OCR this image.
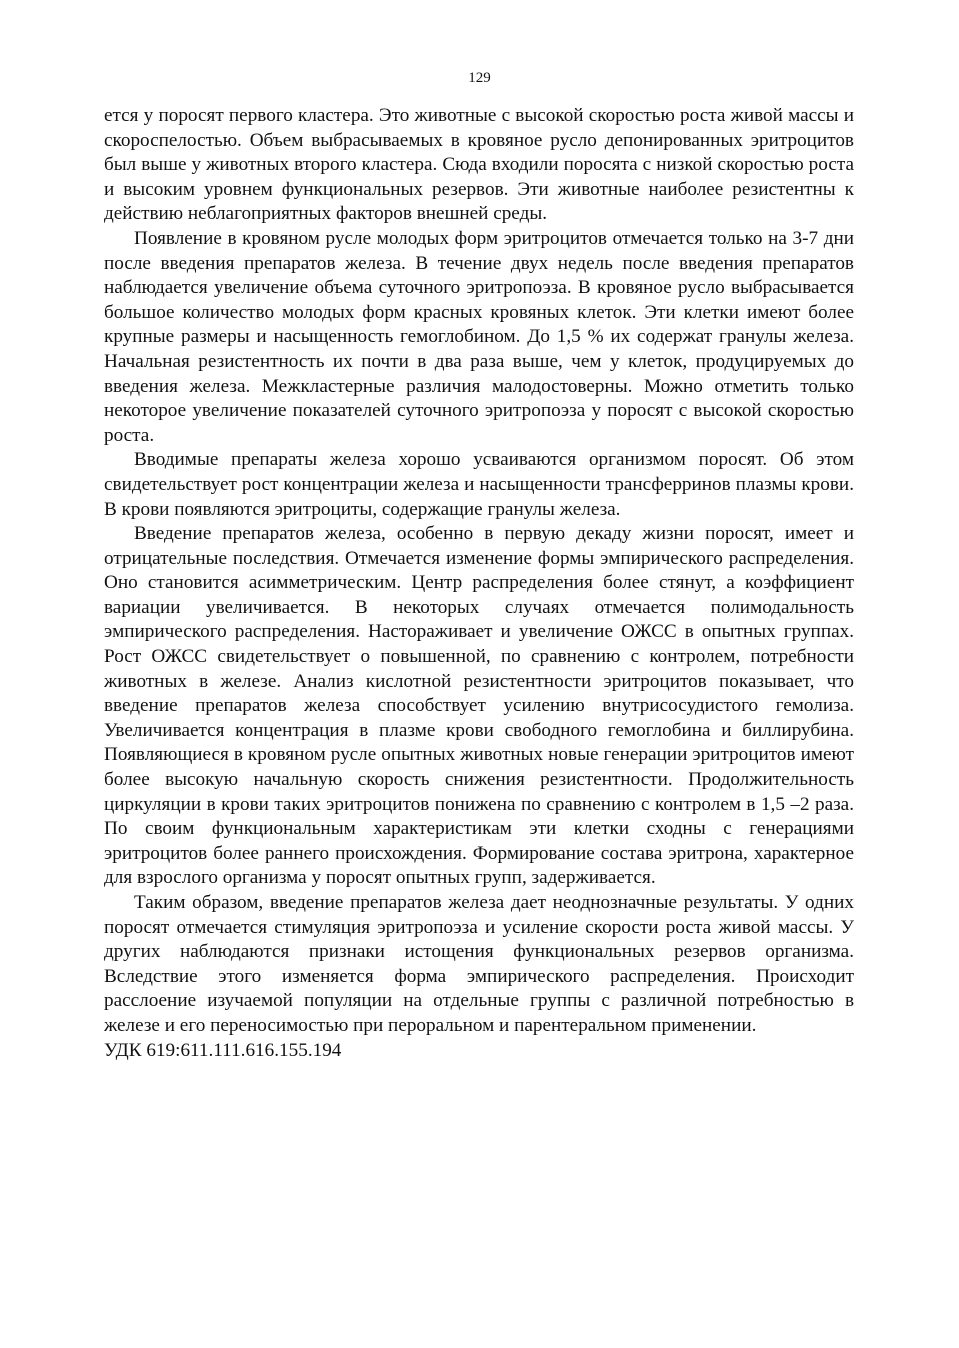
129

ется у поросят первого кластера. Это животные с высокой скоростью роста живой массы и скороспелостью. Объем выбрасываемых в кровяное русло депонированных эритроцитов был выше у животных второго кластера. Сюда входили поросята с низкой скоростью роста и высоким уровнем функциональных резервов. Эти животные наиболее резистентны к действию неблагоприятных факторов внешней среды.

Появление в кровяном русле молодых форм эритроцитов отмечается только на 3-7 дни после введения препаратов железа. В течение двух недель после введения препаратов наблюдается увеличение объема суточного эритропоэза. В кровяное русло выбрасывается большое количество молодых форм красных кровяных клеток. Эти клетки имеют более крупные размеры и насыщенность гемоглобином. До 1,5 % их содержат гранулы железа. Начальная резистентность их почти в два раза выше, чем у клеток, продуцируемых до введения железа. Межкластерные различия малодостоверны. Можно отметить только некоторое увеличение показателей суточного эритропоэза у поросят с высокой скоростью роста.

Вводимые препараты железа хорошо усваиваются организмом поросят. Об этом свидетельствует рост концентрации железа и насыщенности трансферринов плазмы крови. В крови появляются эритроциты, содержащие гранулы железа.

Введение препаратов железа, особенно в первую декаду жизни поросят, имеет и отрицательные последствия. Отмечается изменение формы эмпирического распределения. Оно становится асимметрическим. Центр распределения более стянут, а коэффициент вариации увеличивается. В некоторых случаях отмечается полимодальность эмпирического распределения. Настораживает и увеличение ОЖСС в опытных группах. Рост ОЖСС свидетельствует о повышенной, по сравнению с контролем, потребности животных в железе. Анализ кислотной резистентности эритроцитов показывает, что введение препаратов железа способствует усилению внутрисосудистого гемолиза. Увеличивается концентрация в плазме крови свободного гемоглобина и биллирубина. Появляющиеся в кровяном русле опытных животных новые генерации эритроцитов имеют более высокую начальную скорость снижения резистентности. Продолжительность циркуляции в крови таких эритроцитов понижена по сравнению с контролем в 1,5 –2 раза. По своим функциональным характеристикам эти клетки сходны с генерациями эритроцитов более раннего происхождения. Формирование состава эритрона, характерное для взрослого организма у поросят опытных групп, задерживается.

Таким образом, введение препаратов железа дает неоднозначные результаты. У одних поросят отмечается стимуляция эритропоэза и усиление скорости роста живой массы. У других наблюдаются признаки истощения функциональных резервов организма. Вследствие этого изменяется форма эмпирического распределения. Происходит расслоение изучаемой популяции на отдельные группы с различной потребностью в железе и его переносимостью при пероральном и парентеральном применении.

УДК 619:611.111.616.155.194
